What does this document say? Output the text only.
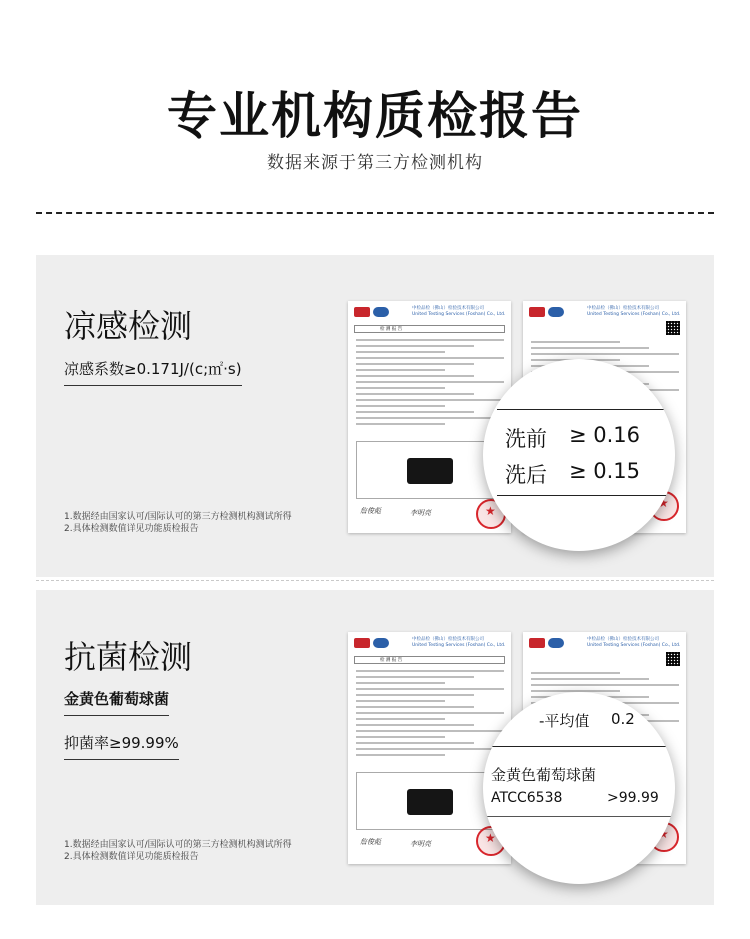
专业机构质检报告
数据来源于第三方检测机构
凉感检测
凉感系数≥0.171J/(c;㎡·s)
1.数据经由国家认可/国际认可的第三方检测机构测试所得
2.具体检测数值详见功能质检报告
中检品检（佛山）检验技术有限公司
United Testing Services (Foshan) Co., Ltd.
检 测 报 告
詹俊彪	李明亮
中检品检（佛山）检验技术有限公司
United Testing Services (Foshan) Co., Ltd.
★
★
洗前 ≥ 0.16
洗后 ≥ 0.15
抗菌检测
金黄色葡萄球菌
抑菌率≥99.99%
1.数据经由国家认可/国际认可的第三方检测机构测试所得
2.具体检测数值详见功能质检报告
中检品检（佛山）检验技术有限公司
United Testing Services (Foshan) Co., Ltd.
检 测 报 告
詹俊彪	李明亮
中检品检（佛山）检验技术有限公司
United Testing Services (Foshan) Co., Ltd.
★
★
-平均值 0.2
金黄色葡萄球菌
ATCC6538	>99.99
